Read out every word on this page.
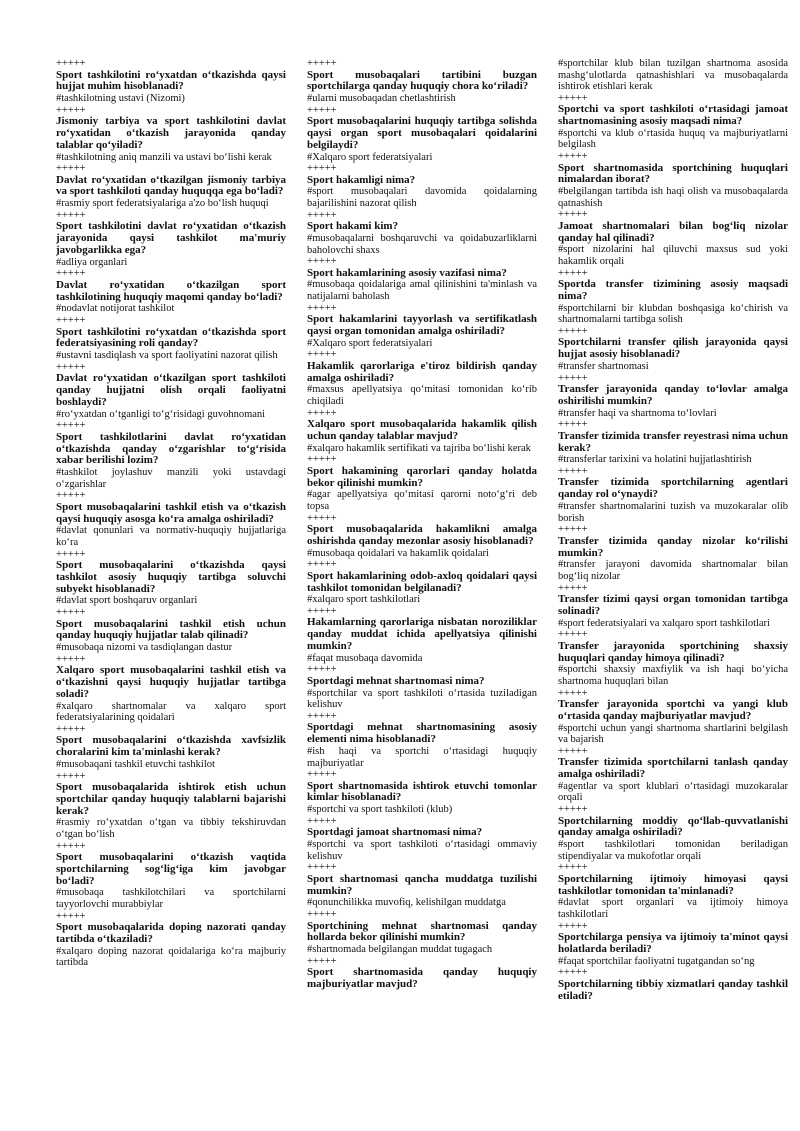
+++++

Sport tashkilotini ro‘yxatdan o‘tkazishda qaysi hujjat muhim hisoblanadi?

#tashkilotning ustavi (Nizomi)

+++++

Jismoniy tarbiya va sport tashkilotini davlat ro‘yxatidan o‘tkazish jarayonida qanday talablar qo‘yiladi?

#tashkilotning aniq manzili va ustavi bo‘lishi kerak

+++++

Davlat ro‘yxatidan o‘tkazilgan jismoniy tarbiya va sport tashkiloti qanday huquqqa ega bo‘ladi?

#rasmiy sport federatsiyalariga a'zo bo‘lish huquqi

+++++

Sport tashkilotini davlat ro‘yxatidan o‘tkazish jarayonida qaysi tashkilot ma'muriy javobgarlikka ega?

#adliya organlari

+++++

Davlat ro‘yxatidan o‘tkazilgan sport tashkilotining huquqiy maqomi qanday bo‘ladi?

#nodavlat notijorat tashkilot

+++++

Sport tashkilotini ro‘yxatdan o‘tkazishda sport federatsiyasining roli qanday?

#ustavni tasdiqlash va sport faoliyatini nazorat qilish

+++++

Davlat ro‘yxatidan o‘tkazilgan sport tashkiloti qanday hujjatni olish orqali faoliyatni boshlaydi?

#ro‘yxatdan o‘tganligi to‘g‘risidagi guvohnomani

+++++

Sport tashkilotlarini davlat ro‘yxatidan o‘tkazishda qanday o‘zgarishlar to‘g‘risida xabar berilishi lozim?

#tashkilot joylashuv manzili yoki ustavdagi o‘zgarishlar

+++++

Sport musobaqalarini tashkil etish va o‘tkazish qaysi huquqiy asosga ko‘ra amalga oshiriladi?

#davlat qonunlari va normativ-huquqiy hujjatlariga ko‘ra

+++++

Sport musobaqalarini o‘tkazishda qaysi tashkilot asosiy huquqiy tartibga soluvchi subyekt hisoblanadi?

#davlat sport boshqaruv organlari

+++++

Sport musobaqalarini tashkil etish uchun qanday huquqiy hujjatlar talab qilinadi?

#musobaqa nizomi va tasdiqlangan dastur

+++++

Xalqaro sport musobaqalarini tashkil etish va o‘tkazishni qaysi huquqiy hujjatlar tartibga soladi?

#xalqaro shartnomalar va xalqaro sport federatsiyalarining qoidalari

+++++

Sport musobaqalarini o‘tkazishda xavfsizlik choralarini kim ta'minlashi kerak?

#musobaqani tashkil etuvchi tashkilot

+++++

Sport musobaqalarida ishtirok etish uchun sportchilar qanday huquqiy talablarni bajarishi kerak?

#rasmiy ro‘yxatdan o‘tgan va tibbiy tekshiruvdan o‘tgan bo‘lish

+++++

Sport musobaqalarini o‘tkazish vaqtida sportchilarning sog‘lig‘iga kim javobgar bo‘ladi?

#musobaqa tashkilotchilari va sportchilarni tayyorlovchi murabbiylar

+++++

Sport musobaqalarida doping nazorati qanday tartibda o‘tkaziladi?

#xalqaro doping nazorat qoidalariga ko‘ra majburiy tartibda

+++++

Sport musobaqalari tartibini buzgan sportchilarga qanday huquqiy chora ko‘riladi?

#ularni musobaqadan chetlashtirish

+++++

Sport musobaqalarini huquqiy tartibga solishda qaysi organ sport musobaqalari qoidalarini belgilaydi?

#Xalqaro sport federatsiyalari

+++++

Sport hakamligi nima?

#sport musobaqalari davomida qoidalarning bajarilishini nazorat qilish

+++++

Sport hakami kim?

#musobaqalarni boshqaruvchi va qoidabuzarliklarni baholovchi shaxs

+++++

Sport hakamlarining asosiy vazifasi nima?

#musobaqa qoidalariga amal qilinishini ta'minlash va natijalarni baholash

+++++

Sport hakamlarini tayyorlash va sertifikatlash qaysi organ tomonidan amalga oshiriladi?

#Xalqaro sport federatsiyalari

+++++

Hakamlik qarorlariga e'tiroz bildirish qanday amalga oshiriladi?

#maxsus apellyatsiya qo‘mitasi tomonidan ko‘rib chiqiladi

+++++

Xalqaro sport musobaqalarida hakamlik qilish uchun qanday talablar mavjud?

#xalqaro hakamlik sertifikati va tajriba bo‘lishi kerak

+++++

Sport hakamining qarorlari qanday holatda bekor qilinishi mumkin?

#agar apellyatsiya qo‘mitasi qarorni noto‘g‘ri deb topsa

+++++

Sport musobaqalarida hakamlikni amalga oshirishda qanday mezonlar asosiy hisoblanadi?

#musobaqa qoidalari va hakamlik qoidalari

+++++

Sport hakamlarining odob-axloq qoidalari qaysi tashkilot tomonidan belgilanadi?

#xalqaro sport tashkilotlari

+++++

Hakamlarning qarorlariga nisbatan noroziliklar qanday muddat ichida apellyatsiya qilinishi mumkin?

#faqat musobaqa davomida

+++++

Sportdagi mehnat shartnomasi nima?

#sportchilar va sport tashkiloti o‘rtasida tuziladigan kelishuv

+++++

Sportdagi mehnat shartnomasining asosiy elementi nima hisoblanadi?

#ish haqi va sportchi o‘rtasidagi huquqiy majburiyatlar

+++++

Sport shartnomasida ishtirok etuvchi tomonlar kimlar hisoblanadi?

#sportchi va sport tashkiloti (klub)

+++++

Sportdagi jamoat shartnomasi nima?

#sportchi va sport tashkiloti o‘rtasidagi ommaviy kelishuv

+++++

Sport shartnomasi qancha muddatga tuzilishi mumkin?

#qonunchilikka muvofiq, kelishilgan muddatga

+++++

Sportchining mehnat shartnomasi qanday hollarda bekor qilinishi mumkin?

#shartnomada belgilangan muddat tugagach

+++++

Sport shartnomasida qanday huquqiy majburiyatlar mavjud?

#sportchilar klub bilan tuzilgan shartnoma asosida mashg‘ulotlarda qatnashishlari va musobaqalarda ishtirok etishlari kerak

+++++

Sportchi va sport tashkiloti o‘rtasidagi jamoat shartnomasining asosiy maqsadi nima?

#sportchi va klub o‘rtasida huquq va majburiyatlarni belgilash

+++++

Sport shartnomasida sportchining huquqlari nimalardan iborat?

#belgilangan tartibda ish haqi olish va musobaqalarda qatnashish

+++++

Jamoat shartnomalari bilan bog‘liq nizolar qanday hal qilinadi?

#sport nizolarini hal qiluvchi maxsus sud yoki hakamlik orqali

+++++

Sportda transfer tizimining asosiy maqsadi nima?

#sportchilarni bir klubdan boshqasiga ko‘chirish va shartnomalarni tartibga solish

+++++

Sportchilarni transfer qilish jarayonida qaysi hujjat asosiy hisoblanadi?

#transfer shartnomasi

+++++

Transfer jarayonida qanday to‘lovlar amalga oshirilishi mumkin?

#transfer haqi va shartnoma to‘lovlari

+++++

Transfer tizimida transfer reyestrasi nima uchun kerak?

#transferlar tarixini va holatini hujjatlashtirish

+++++

Transfer tizimida sportchilarning agentlari qanday rol o‘ynaydi?

#transfer shartnomalarini tuzish va muzokaralar olib borish

+++++

Transfer tizimida qanday nizolar ko‘rilishi mumkin?

#transfer jarayoni davomida shartnomalar bilan bog‘liq nizolar

+++++

Transfer tizimi qaysi organ tomonidan tartibga solinadi?

#sport federatsiyalari va xalqaro sport tashkilotlari

+++++

Transfer jarayonida sportchining shaxsiy huquqlari qanday himoya qilinadi?

#sportchi shaxsiy maxfiylik va ish haqi bo‘yicha shartnoma huquqlari bilan

+++++

Transfer jarayonida sportchi va yangi klub o‘rtasida qanday majburiyatlar mavjud?

#sportchi uchun yangi shartnoma shartlarini belgilash va bajarish

+++++

Transfer tizimida sportchilarni tanlash qanday amalga oshiriladi?

#agentlar va sport klublari o‘rtasidagi muzokaralar orqali

+++++

Sportchilarning moddiy qo‘llab-quvvatlanishi qanday amalga oshiriladi?

#sport tashkilotlari tomonidan beriladigan stipendiyalar va mukofotlar orqali

+++++

Sportchilarning ijtimoiy himoyasi qaysi tashkilotlar tomonidan ta'minlanadi?

#davlat sport organlari va ijtimoiy himoya tashkilotlari

+++++

Sportchilarga pensiya va ijtimoiy ta'minot qaysi holatlarda beriladi?

#faqat sportchilar faoliyatni tugatgandan so‘ng

+++++

Sportchilarning tibbiy xizmatlari qanday tashkil etiladi?
